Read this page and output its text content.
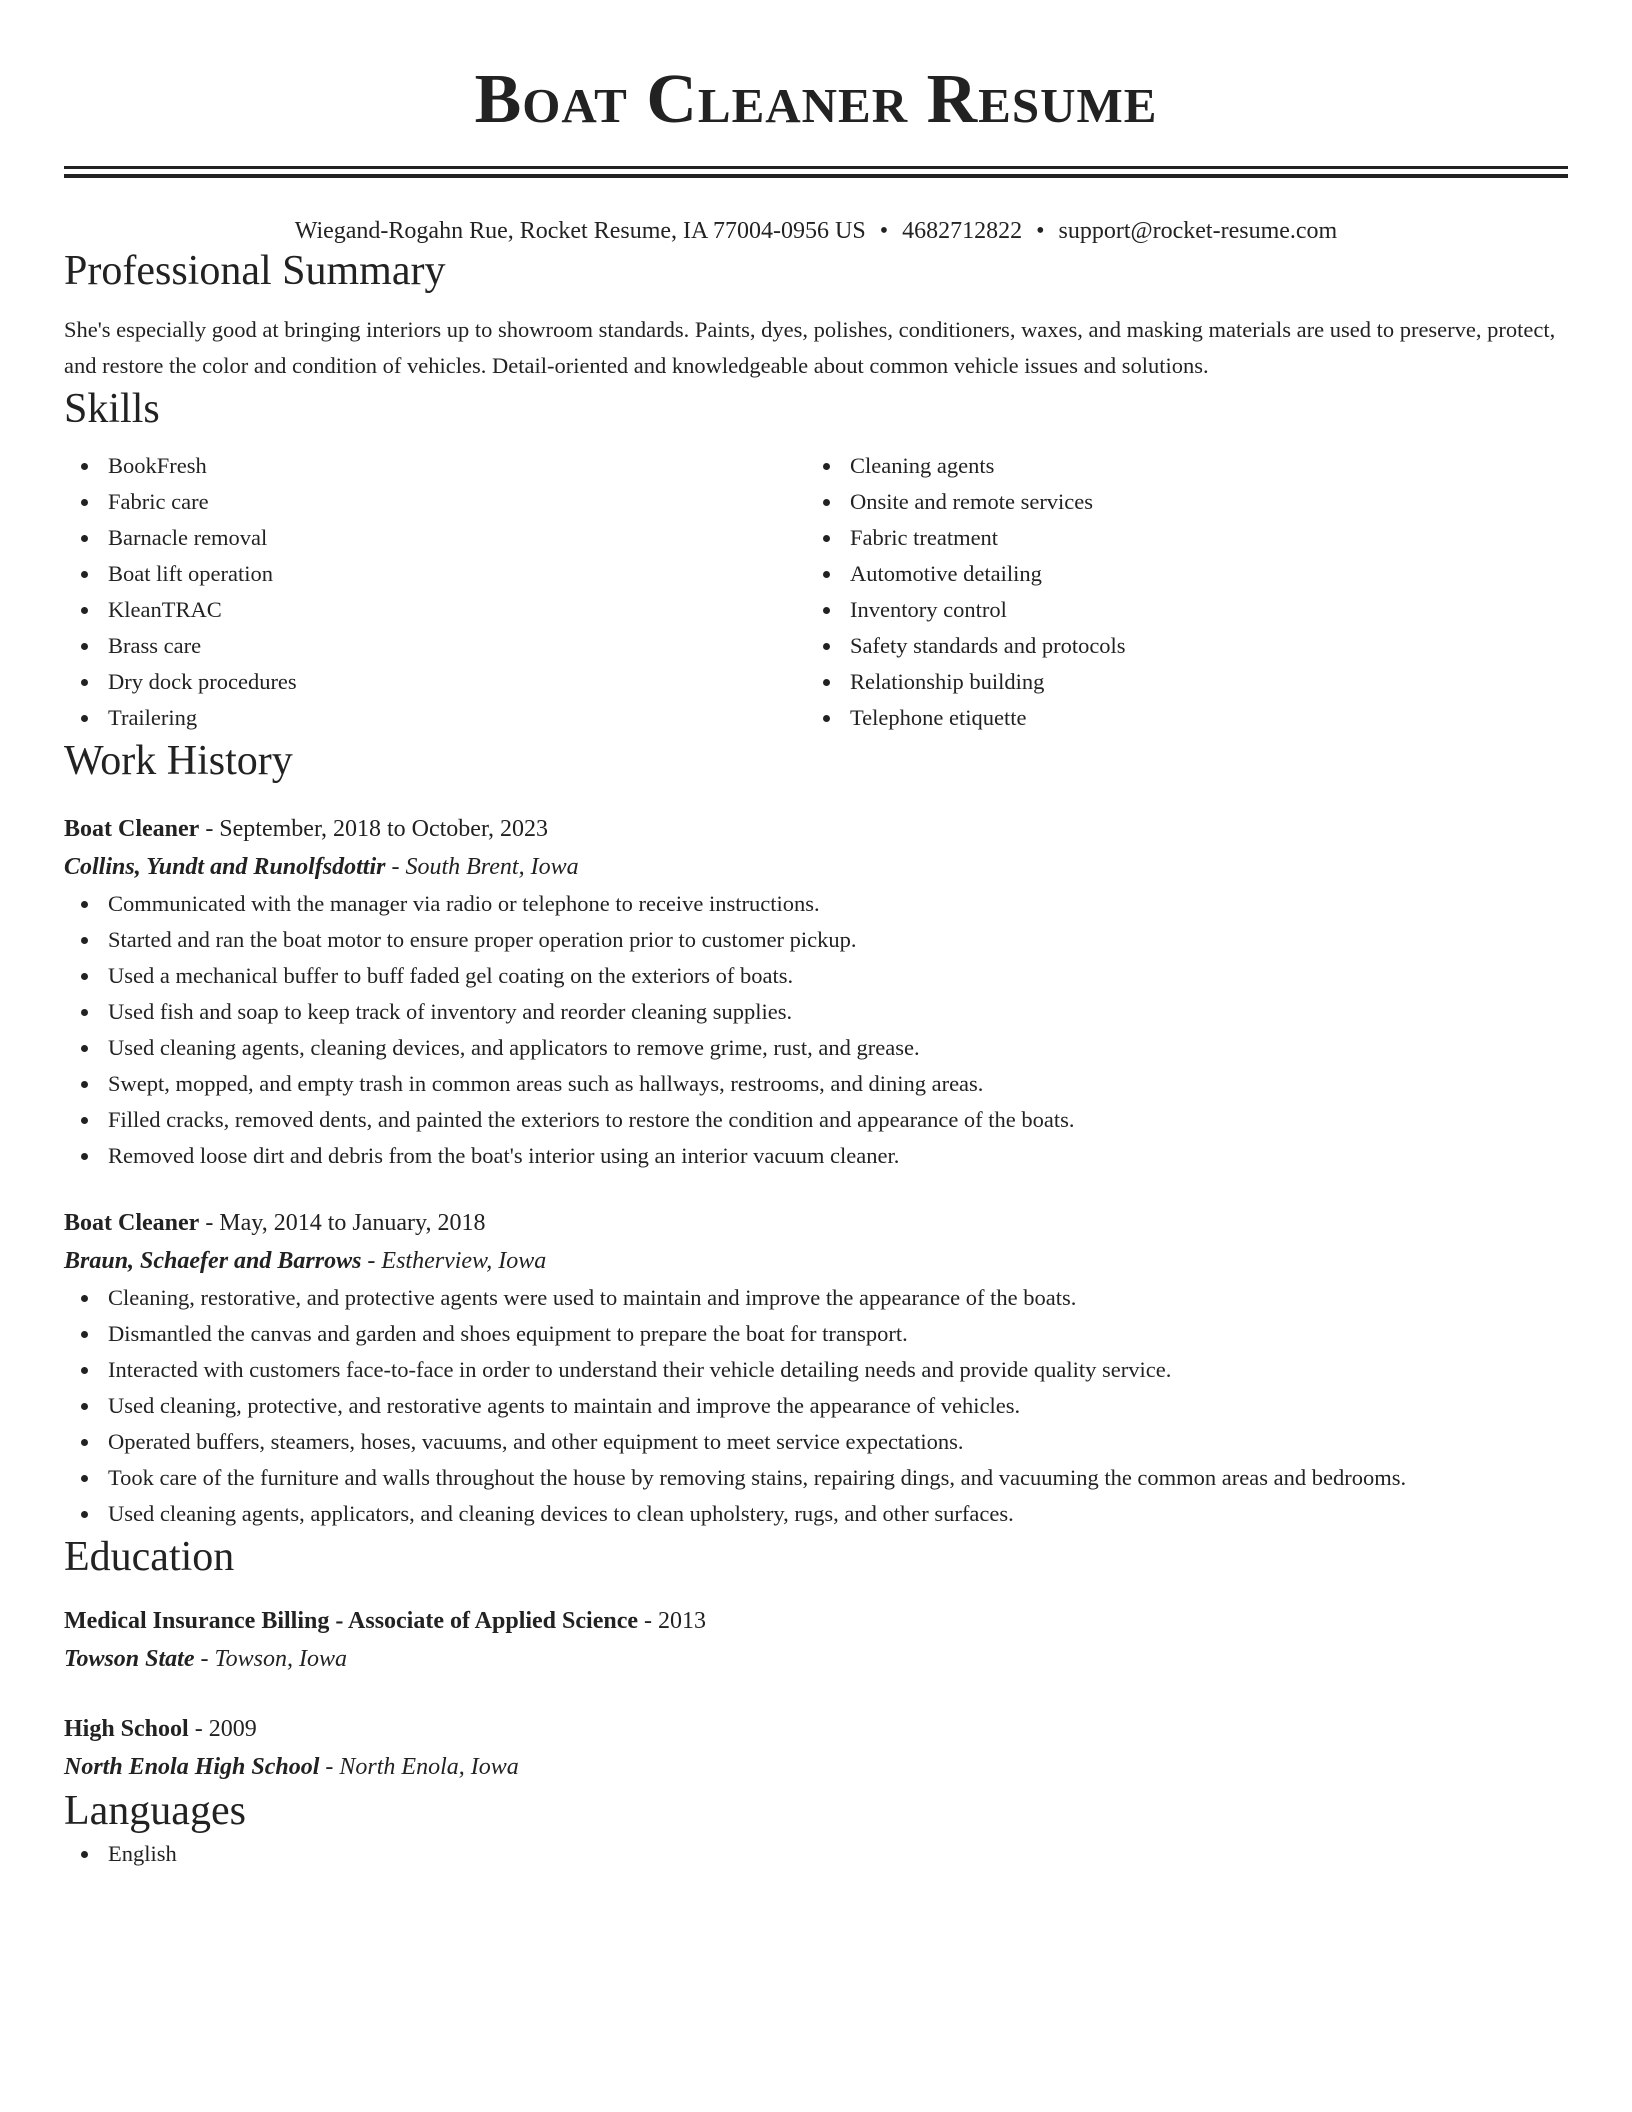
Boat Cleaner Resume
Wiegand-Rogahn Rue, Rocket Resume, IA 77004-0956 US • 4682712822 • support@rocket-resume.com
Professional Summary

She's especially good at bringing interiors up to showroom standards. Paints, dyes, polishes, conditioners, waxes, and masking materials are used to preserve, protect, and restore the color and condition of vehicles. Detail-oriented and knowledgeable about common vehicle issues and solutions.

Skills
BookFresh
Fabric care
Barnacle removal
Boat lift operation
KleanTRAC
Brass care
Dry dock procedures
Trailering
Cleaning agents
Onsite and remote services
Fabric treatment
Automotive detailing
Inventory control
Safety standards and protocols
Relationship building
Telephone etiquette
Work History
Boat Cleaner - September, 2018 to October, 2023
Collins, Yundt and Runolfsdottir - South Brent, Iowa
Communicated with the manager via radio or telephone to receive instructions.
Started and ran the boat motor to ensure proper operation prior to customer pickup.
Used a mechanical buffer to buff faded gel coating on the exteriors of boats.
Used fish and soap to keep track of inventory and reorder cleaning supplies.
Used cleaning agents, cleaning devices, and applicators to remove grime, rust, and grease.
Swept, mopped, and empty trash in common areas such as hallways, restrooms, and dining areas.
Filled cracks, removed dents, and painted the exteriors to restore the condition and appearance of the boats.
Removed loose dirt and debris from the boat's interior using an interior vacuum cleaner.
Boat Cleaner - May, 2014 to January, 2018
Braun, Schaefer and Barrows - Estherview, Iowa
Cleaning, restorative, and protective agents were used to maintain and improve the appearance of the boats.
Dismantled the canvas and garden and shoes equipment to prepare the boat for transport.
Interacted with customers face-to-face in order to understand their vehicle detailing needs and provide quality service.
Used cleaning, protective, and restorative agents to maintain and improve the appearance of vehicles.
Operated buffers, steamers, hoses, vacuums, and other equipment to meet service expectations.
Took care of the furniture and walls throughout the house by removing stains, repairing dings, and vacuuming the common areas and bedrooms.
Used cleaning agents, applicators, and cleaning devices to clean upholstery, rugs, and other surfaces.
Education
Medical Insurance Billing - Associate of Applied Science - 2013
Towson State - Towson, Iowa
High School - 2009
North Enola High School - North Enola, Iowa
Languages
English
